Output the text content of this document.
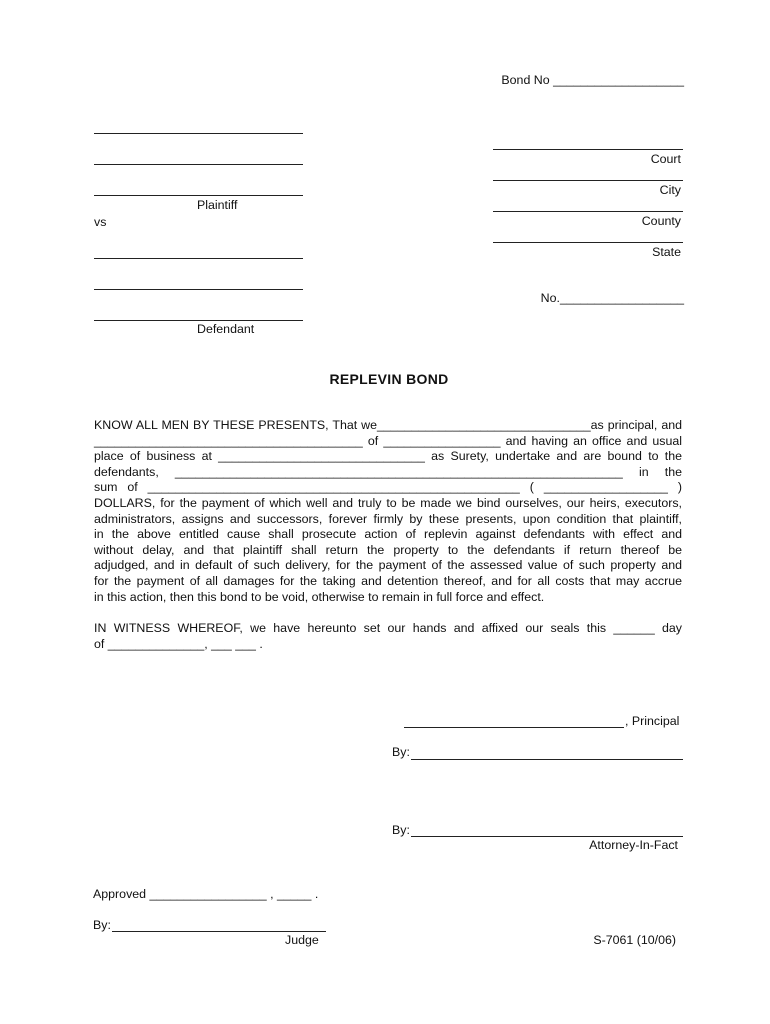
Bond No ___________________
Plaintiff
vs
Defendant
Court
City
County
State
No.__________________
REPLEVIN BOND
KNOW ALL MEN BY THESE PRESENTS, That we_______________________________as principal, and
_______________________________________ of _________________ and having an office and usual
place of business at ______________________________ as Surety, undertake and are bound to the
defendants, _________________________________________________________________ in the
sum of ______________________________________________________ ( __________________ )
DOLLARS, for the payment of which well and truly to be made we bind ourselves, our heirs, executors,
administrators, assigns and successors, forever firmly by these presents, upon condition that plaintiff,
in the above entitled cause shall prosecute action of replevin against defendants with effect and
without delay, and that plaintiff shall return the property to the defendants if return thereof be
adjudged, and in default of such delivery, for the payment of the assessed value of such property and
for the payment of all damages for the taking and detention thereof, and for all costs that may accrue
in this action, then this bond to be void, otherwise to remain in full force and effect.
IN WITNESS WHEREOF, we have hereunto set our hands and affixed our seals this ______ day
of ______________, ___ ___ .
, Principal
By:
By:
Attorney-In-Fact
Approved _________________ , _____ .
By:
Judge	S-7061 (10/06)
